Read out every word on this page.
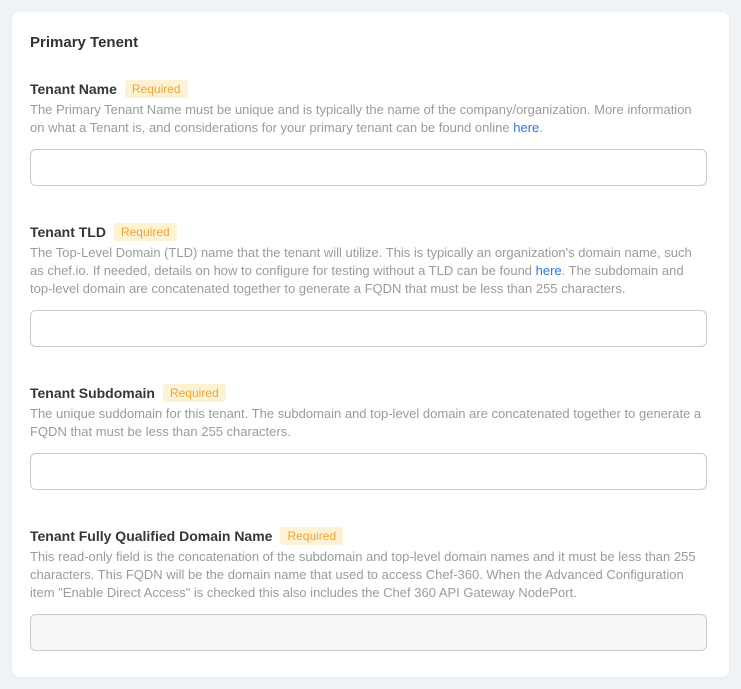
Primary Tenent
Tenant Name	Required

The Primary Tenant Name must be unique and is typically the name of the company/organization. More information on what a Tenant is, and considerations for your primary tenant can be found online here.

Tenant TLD	Required

The Top-Level Domain (TLD) name that the tenant will utilize. This is typically an organization's domain name, such as chef.io. If needed, details on how to configure for testing without a TLD can be found here. The subdomain and top-level domain are concatenated together to generate a FQDN that must be less than 255 characters.

Tenant Subdomain	Required

The unique suddomain for this tenant. The subdomain and top-level domain are concatenated together to generate a FQDN that must be less than 255 characters.

Tenant Fully Qualified Domain Name	Required

This read-only field is the concatenation of the subdomain and top-level domain names and it must be less than 255 characters. This FQDN will be the domain name that used to access Chef-360. When the Advanced Configuration item "Enable Direct Access" is checked this also includes the Chef 360 API Gateway NodePort.
